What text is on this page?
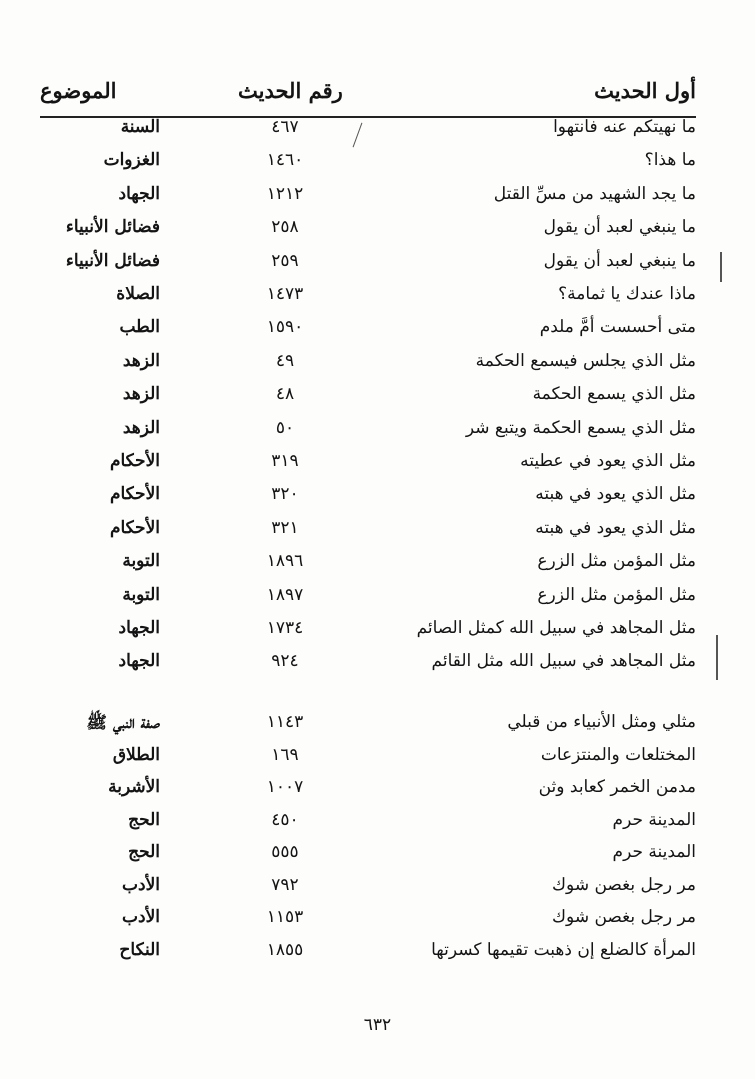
أول الحديث
رقم الحديث
الموضوع
ما نهيتكم عنه فانتهوا
٤٦٧
السنة
ما هذا؟
١٤٦٠
الغزوات
ما يجد الشهيد من مسِّ القتل
١٢١٢
الجهاد
ما ينبغي لعبد أن يقول
٢٥٨
فضائل الأنبياء
ما ينبغي لعبد أن يقول
٢٥٩
فضائل الأنبياء
ماذا عندك يا ثمامة؟
١٤٧٣
الصلاة
متى أحسست أمَّ ملدم
١٥٩٠
الطب
مثل الذي يجلس فيسمع الحكمة
٤٩
الزهد
مثل الذي يسمع الحكمة
٤٨
الزهد
مثل الذي يسمع الحكمة ويتبع شر
٥٠
الزهد
مثل الذي يعود في عطيته
٣١٩
الأحكام
مثل الذي يعود في هبته
٣٢٠
الأحكام
مثل الذي يعود في هبته
٣٢١
الأحكام
مثل المؤمن مثل الزرع
١٨٩٦
التوبة
مثل المؤمن مثل الزرع
١٨٩٧
التوبة
مثل المجاهد في سبيل الله كمثل الصائم
١٧٣٤
الجهاد
مثل المجاهد في سبيل الله مثل القائم
٩٢٤
الجهاد
مثلي ومثل الأنبياء من قبلي
١١٤٣
صفة النبي ﷺ
المختلعات والمنتزعات
١٦٩
الطلاق
مدمن الخمر كعابد وثن
١٠٠٧
الأشربة
المدينة حرم
٤٥٠
الحج
المدينة حرم
٥٥٥
الحج
مر رجل بغصن شوك
٧٩٢
الأدب
مر رجل بغصن شوك
١١٥٣
الأدب
المرأة كالضلع إن ذهبت تقيمها كسرتها
١٨٥٥
النكاح
٦٣٢
